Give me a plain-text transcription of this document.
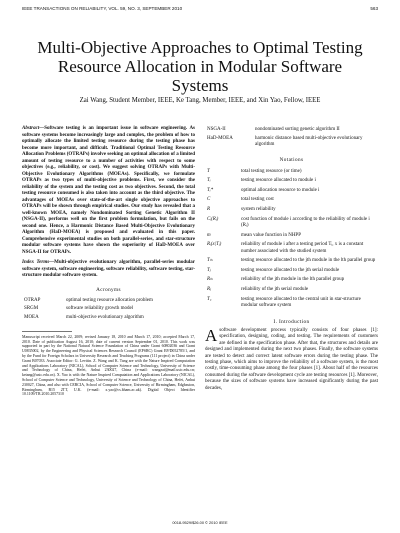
IEEE TRANSACTIONS ON RELIABILITY, VOL. 59, NO. 3, SEPTEMBER 2010	563
Multi-Objective Approaches to Optimal Testing Resource Allocation in Modular Software Systems
Zai Wang, Student Member, IEEE, Ke Tang, Member, IEEE, and Xin Yao, Fellow, IEEE
Abstract—Software testing is an important issue in software engineering. As software systems become increasingly large and complex, the problem of how to optimally allocate the limited testing resource during the testing phase has become more important, and difficult. Traditional Optimal Testing Resource Allocation Problems (OTRAPs) involve seeking an optimal allocation of a limited amount of testing resource to a number of activities with respect to some objectives (e.g., reliability, or cost). We suggest solving OTRAPs with Multi-Objective Evolutionary Algorithms (MOEAs). Specifically, we formulate OTRAPs as two types of multi-objective problems. First, we consider the reliability of the system and the testing cost as two objectives. Second, the total testing resource consumed is also taken into account as the third objective. The advantages of MOEAs over state-of-the-art single objective approaches to OTRAPs will be shown through empirical studies. Our study has revealed that a well-known MOEA, namely Nondominated Sorting Genetic Algorithm II (NSGA-II), performs well on the first problem formulation, but fails on the second one. Hence, a Harmonic Distance Based Multi-Objective Evolutionary Algorithm (HaD-MOEA) is proposed and evaluated in this paper. Comprehensive experimental studies on both parallel-series, and star-structure modular software systems have shown the superiority of HaD-MOEA over NSGA-II for OTRAPs.
Index Terms—Multi-objective evolutionary algorithm, parallel-series modular software system, software engineering, software reliability, software testing, star-structure modular software system.
Acronyms
OTRAP	optimal testing resource allocation problem
SRGM	software reliability growth model
MOEA	multi-objective evolutionary algorithm
Manuscript received March 22, 2009; revised January 18, 2010 and March 17, 2010; accepted March 17, 2010. Date of publication August 16, 2010; date of current version September 01, 2010. This work was supported in part by the National Natural Science Foundation of China under Grant 60802036 and Grant U0835002, by the Engineering and Physical Sciences Research Council (EPSRC) Grant EP/D052785/1, and by the Fund for Foreign Scholars in University Research and Teaching Programs (111 project) in China under Grant B07033. Associate Editor: G. Levitin. Z. Wang and K. Tang are with the Nature Inspired Computation and Applications Laboratory (NICAL), School of Computer Science and Technology, University of Science and Technology of China, Hefei, Anhui 230027, China (e-mail: wangzai@mail.ustc.edu.cn; ketang@ustc.edu.cn). X. Yao is with the Nature Inspired Computation and Applications Laboratory (NICAL), School of Computer Science and Technology, University of Science and Technology of China, Hefei, Anhui 230027, China, and also with CERCIA, School of Computer Science, University of Birmingham, Edgbaston, Birmingham, B15 2TT, U.K. (e-mail: x.yao@cs.bham.ac.uk). Digital Object Identifier 10.1109/TR.2010.2057310
NSGA-II	nondominated sorting genetic algorithm II
HaD-MOEA	harmonic distance based multi-objective evolutionary algorithm
Notations
T	total testing resource (or time)
Tᵢ	testing resource allocated to module i
Tᵢ*	optimal allocation resource to module i
C	total testing cost
R	system reliability
Cᵢ(Rᵢ)	cost function of module i according to the reliability of module i (Rᵢ)
m	mean value function in NHPP
Rᵢ(x|Tᵢ)	reliability of module i after a testing period Tᵢ, x is a constant number associated with the studied system
Tₗₕ	testing resource allocated to the jth module in the lth parallel group
Tⱼ	testing resource allocated to the jth serial module
Rₗₕ	reliability of the jth module in the lth parallel group
Rⱼ	reliability of the jth serial module
T꜀	testing resource allocated to the central unit in star-structure modular software system
I. Introduction
Asoftware development process typically consists of four phases [1]: specification, designing, coding, and testing. The requirements of customers are defined in the specification phase. After that, the structures and details are designed and implemented during the next two phases. Finally, the software systems are tested to detect and correct latent software errors during the testing phase. The testing phase, which aims to improve the reliability of a software system, is the most costly, time-consuming phase among the four phases [1]. About half of the resources consumed during the software development cycle are testing resources [1]. Moreover, because the sizes of software systems have increased significantly during the past decades,
0018-9529/$26.00 © 2010 IEEE
